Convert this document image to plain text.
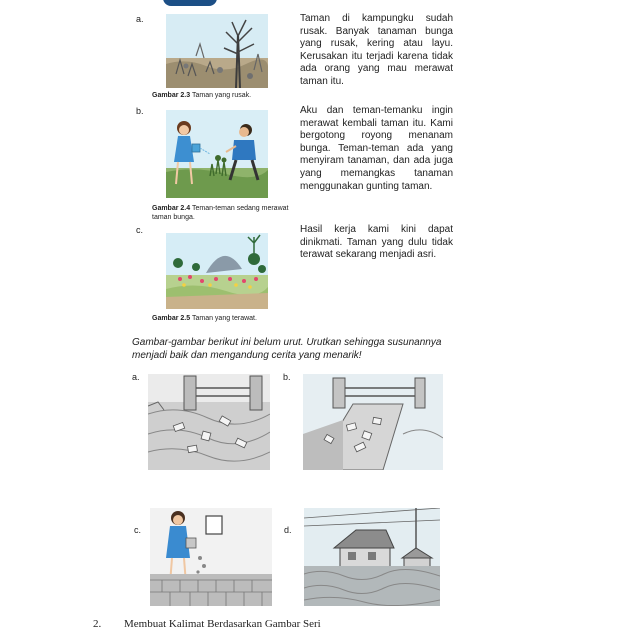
a.
Gambar 2.3 Taman yang rusak.
Taman di kampungku sudah rusak. Banyak tanaman bunga yang rusak, kering atau layu. Kerusakan itu terjadi karena tidak ada orang yang mau merawat taman itu.
b.
Gambar 2.4 Teman-teman sedang merawat taman bunga.
Aku dan teman-temanku ingin merawat kembali taman itu. Kami bergotong royong menanam bunga. Teman-teman ada yang menyiram tanaman, dan ada juga yang memangkas tanaman menggunakan gunting taman.
c.
Gambar 2.5 Taman yang terawat.
Hasil kerja kami kini dapat dinikmati. Taman yang dulu tidak terawat sekarang menjadi asri.
Gambar-gambar berikut ini belum urut. Urutkan sehingga susunannya menjadi baik dan mengandung cerita yang menarik!
a.	b.
c.	d.
2. Membuat Kalimat Berdasarkan Gambar Seri
